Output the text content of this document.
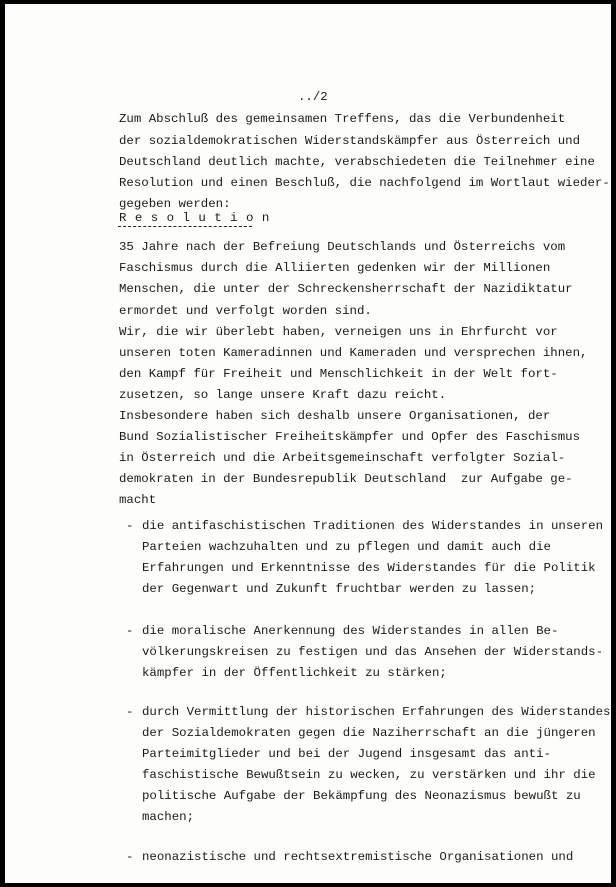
../2
Zum Abschluß des gemeinsamen Treffens, das die Verbundenheit
der sozialdemokratischen Widerstandskämpfer aus Österreich und
Deutschland deutlich machte, verabschiedeten die Teilnehmer eine
Resolution und einen Beschluß, die nachfolgend im Wortlaut wieder-
gegeben werden:
R e s o l u t i o n
35 Jahre nach der Befreiung Deutschlands und Österreichs vom
Faschismus durch die Alliierten gedenken wir der Millionen
Menschen, die unter der Schreckensherrschaft der Nazidiktatur
ermordet und verfolgt worden sind.
Wir, die wir überlebt haben, verneigen uns in Ehrfurcht vor
unseren toten Kameradinnen und Kameraden und versprechen ihnen,
den Kampf für Freiheit und Menschlichkeit in der Welt fort-
zusetzen, so lange unsere Kraft dazu reicht.
Insbesondere haben sich deshalb unsere Organisationen, der
Bund Sozialistischer Freiheitskämpfer und Opfer des Faschismus
in Österreich und die Arbeitsgemeinschaft verfolgter Sozial-
demokraten in der Bundesrepublik Deutschland  zur Aufgabe ge-
macht
- die antifaschistischen Traditionen des Widerstandes in unseren
Parteien wachzuhalten und zu pflegen und damit auch die
Erfahrungen und Erkenntnisse des Widerstandes für die Politik
der Gegenwart und Zukunft fruchtbar werden zu lassen;
- die moralische Anerkennung des Widerstandes in allen Be-
völkerungskreisen zu festigen und das Ansehen der Widerstands-
kämpfer in der Öffentlichkeit zu stärken;
- durch Vermittlung der historischen Erfahrungen des Widerstandes
der Sozialdemokraten gegen die Naziherrschaft an die jüngeren
Parteimitglieder und bei der Jugend insgesamt das anti-
faschistische Bewußtsein zu wecken, zu verstärken und ihr die
politische Aufgabe der Bekämpfung des Neonazismus bewußt zu
machen;
- neonazistische und rechtsextremistische Organisationen und
